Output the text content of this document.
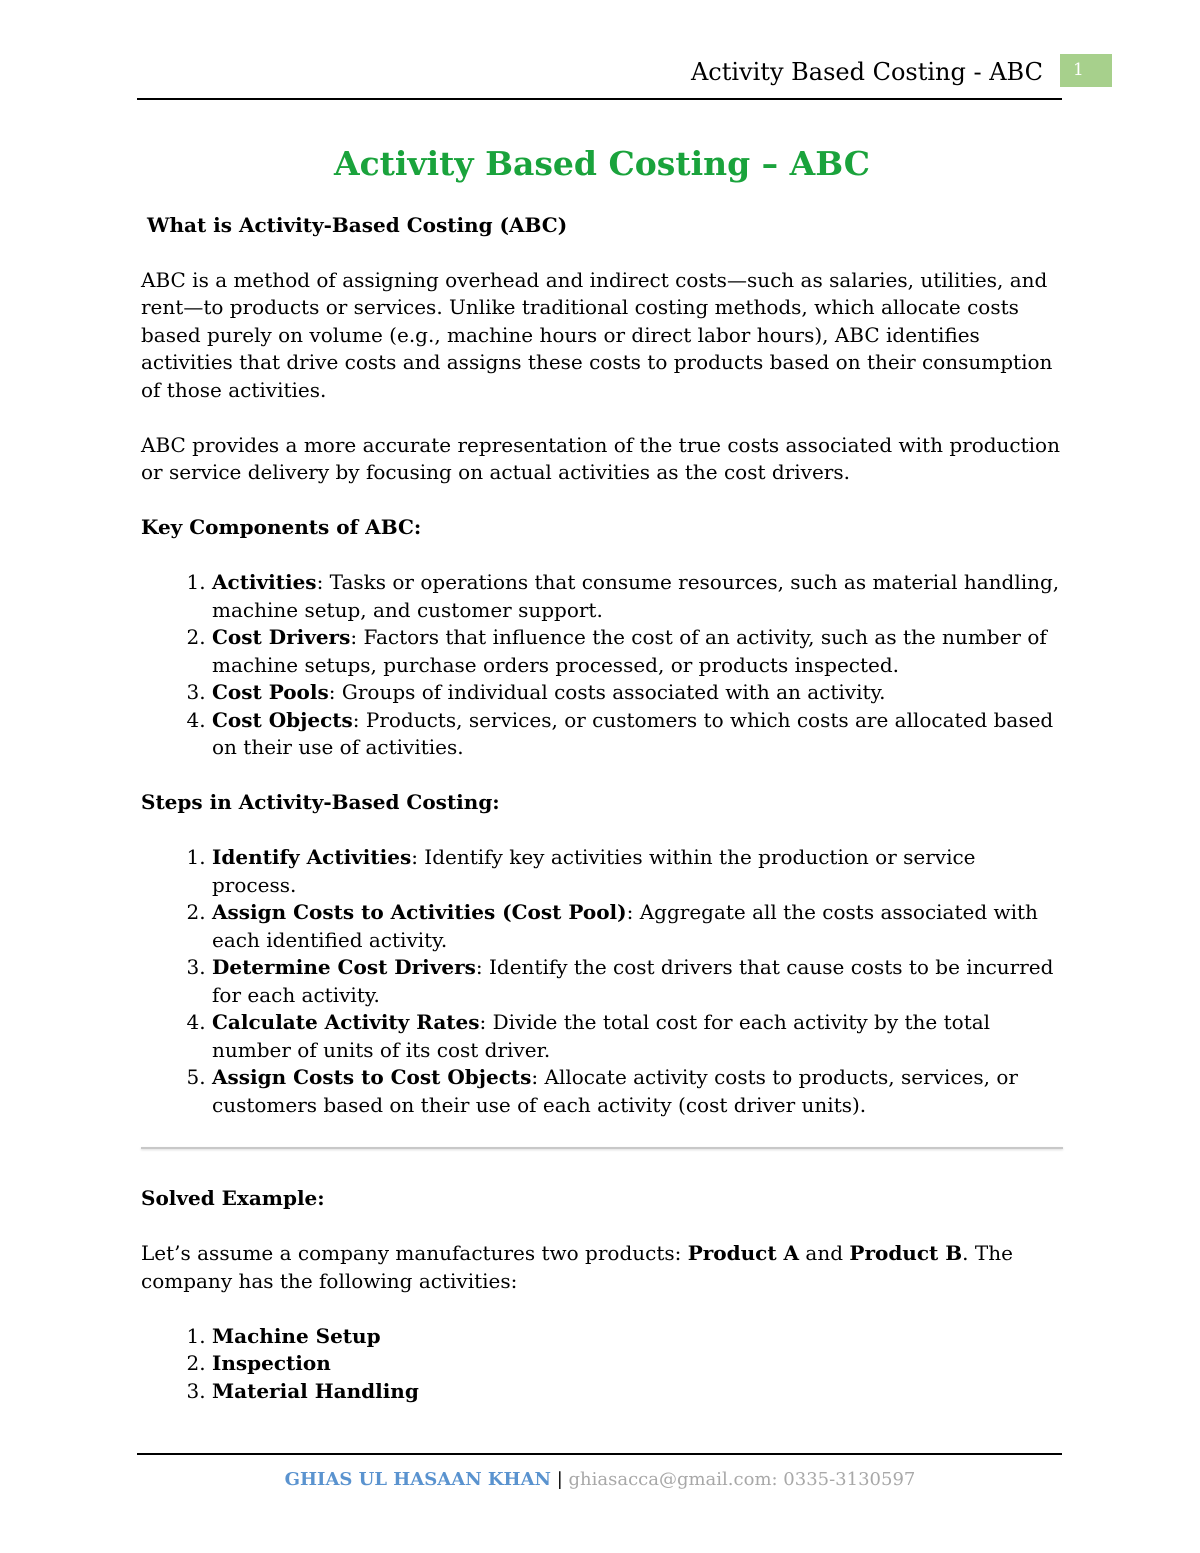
Activity Based Costing - ABC	1
Activity Based Costing – ABC
What is Activity-Based Costing (ABC)

ABC is a method of assigning overhead and indirect costs—such as salaries, utilities, and rent—to products or services. Unlike traditional costing methods, which allocate costs based purely on volume (e.g., machine hours or direct labor hours), ABC identifies activities that drive costs and assigns these costs to products based on their consumption of those activities.

ABC provides a more accurate representation of the true costs associated with production or service delivery by focusing on actual activities as the cost drivers.

Key Components of ABC:
1. Activities: Tasks or operations that consume resources, such as material handling, machine setup, and customer support.
2. Cost Drivers: Factors that influence the cost of an activity, such as the number of machine setups, purchase orders processed, or products inspected.
3. Cost Pools: Groups of individual costs associated with an activity.
4. Cost Objects: Products, services, or customers to which costs are allocated based on their use of activities.
Steps in Activity-Based Costing:
1. Identify Activities: Identify key activities within the production or service process.
2. Assign Costs to Activities (Cost Pool): Aggregate all the costs associated with each identified activity.
3. Determine Cost Drivers: Identify the cost drivers that cause costs to be incurred for each activity.
4. Calculate Activity Rates: Divide the total cost for each activity by the total number of units of its cost driver.
5. Assign Costs to Cost Objects: Allocate activity costs to products, services, or customers based on their use of each activity (cost driver units).
Solved Example:

Let’s assume a company manufactures two products: Product A and Product B. The company has the following activities:

1. Machine Setup
2. Inspection
3. Material Handling
GHIAS UL HASAAN KHAN | ghiasacca@gmail.com: 0335-3130597
